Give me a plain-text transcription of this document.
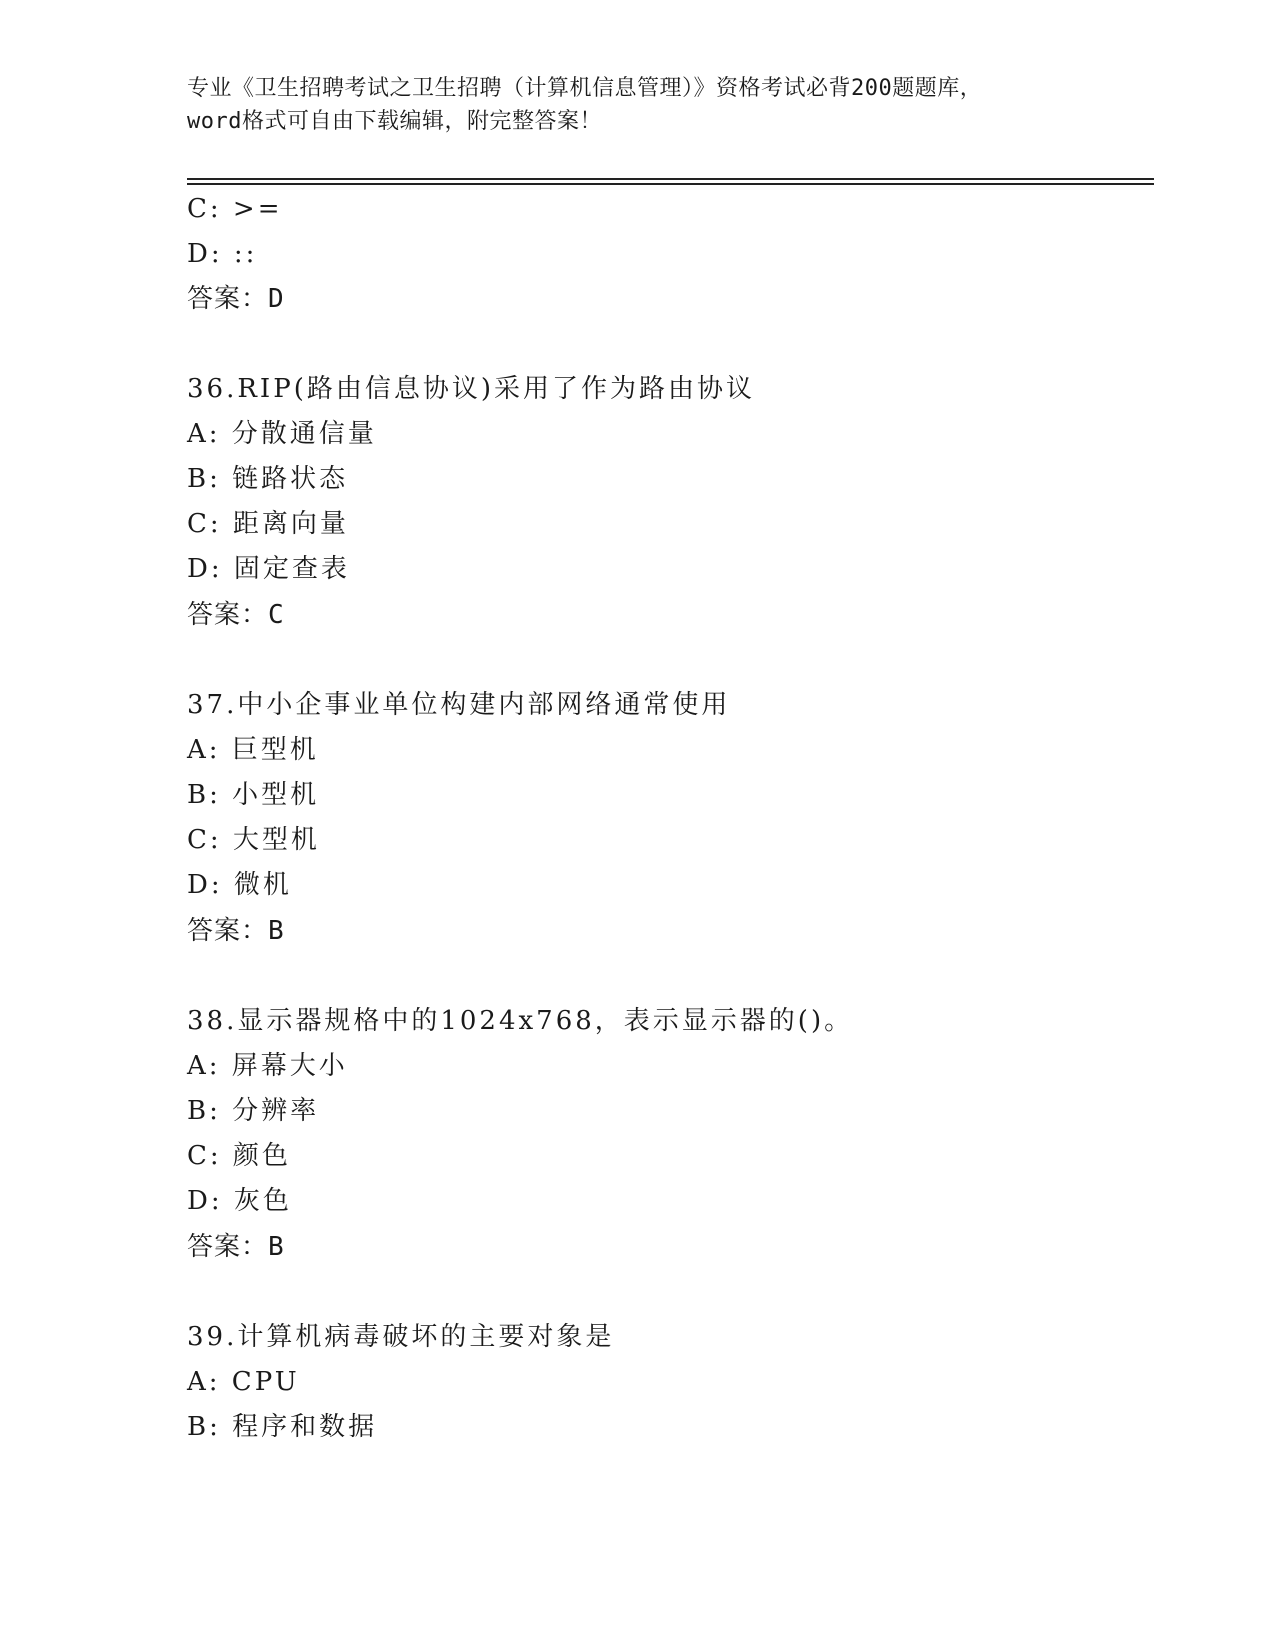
专业《卫生招聘考试之卫生招聘（计算机信息管理）》资格考试必背200题题库，
word格式可自由下载编辑，附完整答案！
C: >=
D: ::
答案：D
36.RIP(路由信息协议)采用了作为路由协议
A: 分散通信量
B: 链路状态
C: 距离向量
D: 固定查表
答案：C
37.中小企事业单位构建内部网络通常使用
A: 巨型机
B: 小型机
C: 大型机
D: 微机
答案：B
38.显示器规格中的1024x768，表示显示器的()。
A: 屏幕大小
B: 分辨率
C: 颜色
D: 灰色
答案：B
39.计算机病毒破坏的主要对象是
A: CPU
B: 程序和数据
